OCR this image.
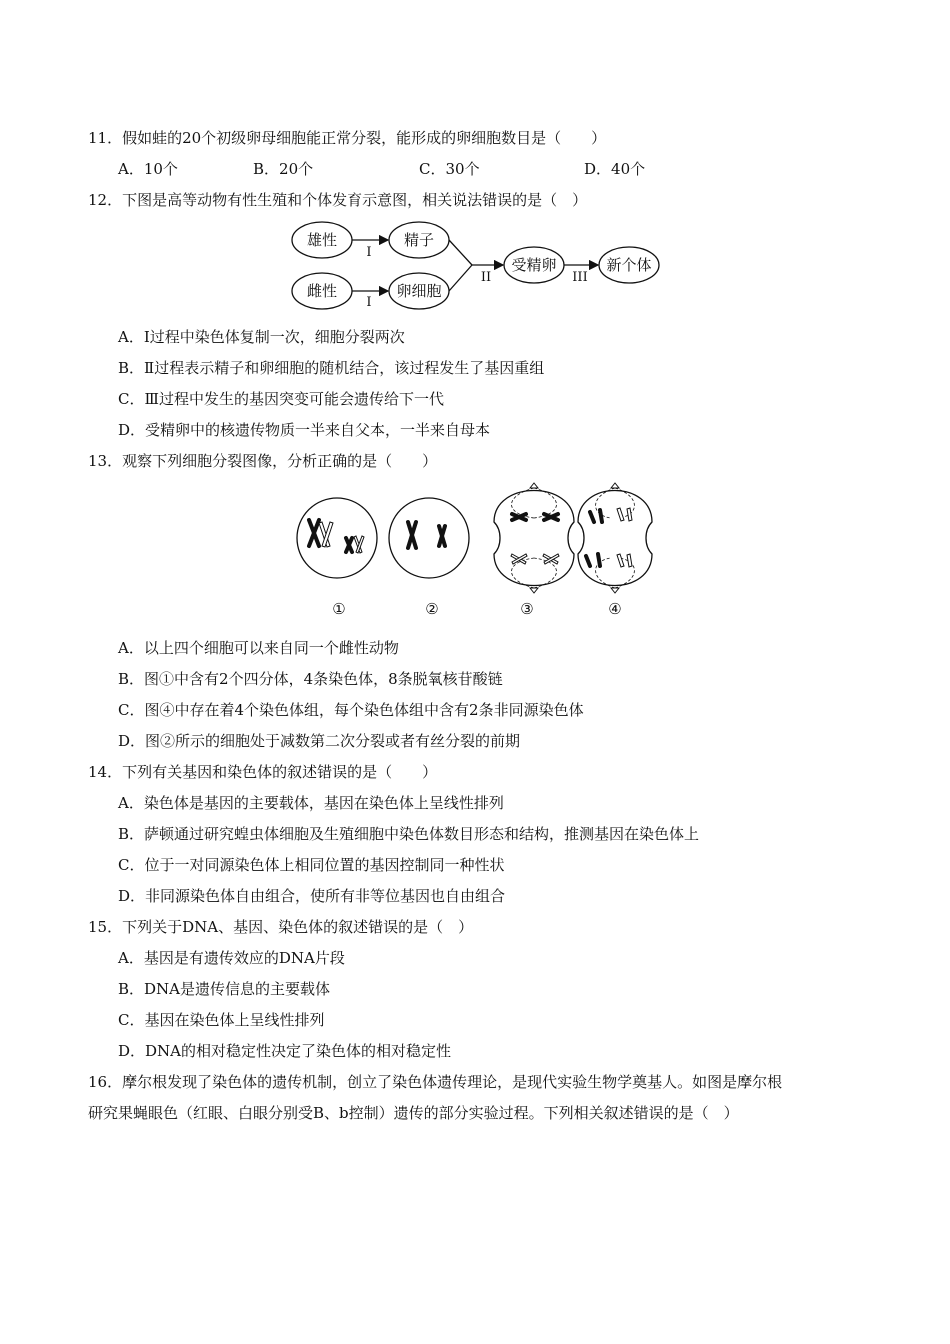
11．假如蛙的20个初级卵母细胞能正常分裂，能形成的卵细胞数目是（　　）
A．10个	B．20个	C．30个	D．40个
12．下图是高等动物有性生殖和个体发育示意图，相关说法错误的是（　）
雄性	精子
雌性	卵细胞
受精卵	新个体
I
I
II	III
A．Ⅰ过程中染色体复制一次，细胞分裂两次
B．Ⅱ过程表示精子和卵细胞的随机结合，该过程发生了基因重组
C．Ⅲ过程中发生的基因突变可能会遗传给下一代
D．受精卵中的核遗传物质一半来自父本，一半来自母本
13．观察下列细胞分裂图像，分析正确的是（　　）
①	②	③	④
A．以上四个细胞可以来自同一个雌性动物
B．图①中含有2个四分体，4条染色体，8条脱氧核苷酸链
C．图④中存在着4个染色体组，每个染色体组中含有2条非同源染色体
D．图②所示的细胞处于减数第二次分裂或者有丝分裂的前期
14．下列有关基因和染色体的叙述错误的是（　　）
A．染色体是基因的主要载体，基因在染色体上呈线性排列
B．萨顿通过研究蝗虫体细胞及生殖细胞中染色体数目形态和结构，推测基因在染色体上
C．位于一对同源染色体上相同位置的基因控制同一种性状
D．非同源染色体自由组合，使所有非等位基因也自由组合
15．下列关于DNA、基因、染色体的叙述错误的是（　）
A．基因是有遗传效应的DNA片段
B．DNA是遗传信息的主要载体
C．基因在染色体上呈线性排列
D．DNA的相对稳定性决定了染色体的相对稳定性
16．摩尔根发现了染色体的遗传机制，创立了染色体遗传理论，是现代实验生物学奠基人。如图是摩尔根
研究果蝇眼色（红眼、白眼分别受B、b控制）遗传的部分实验过程。下列相关叙述错误的是（　）
